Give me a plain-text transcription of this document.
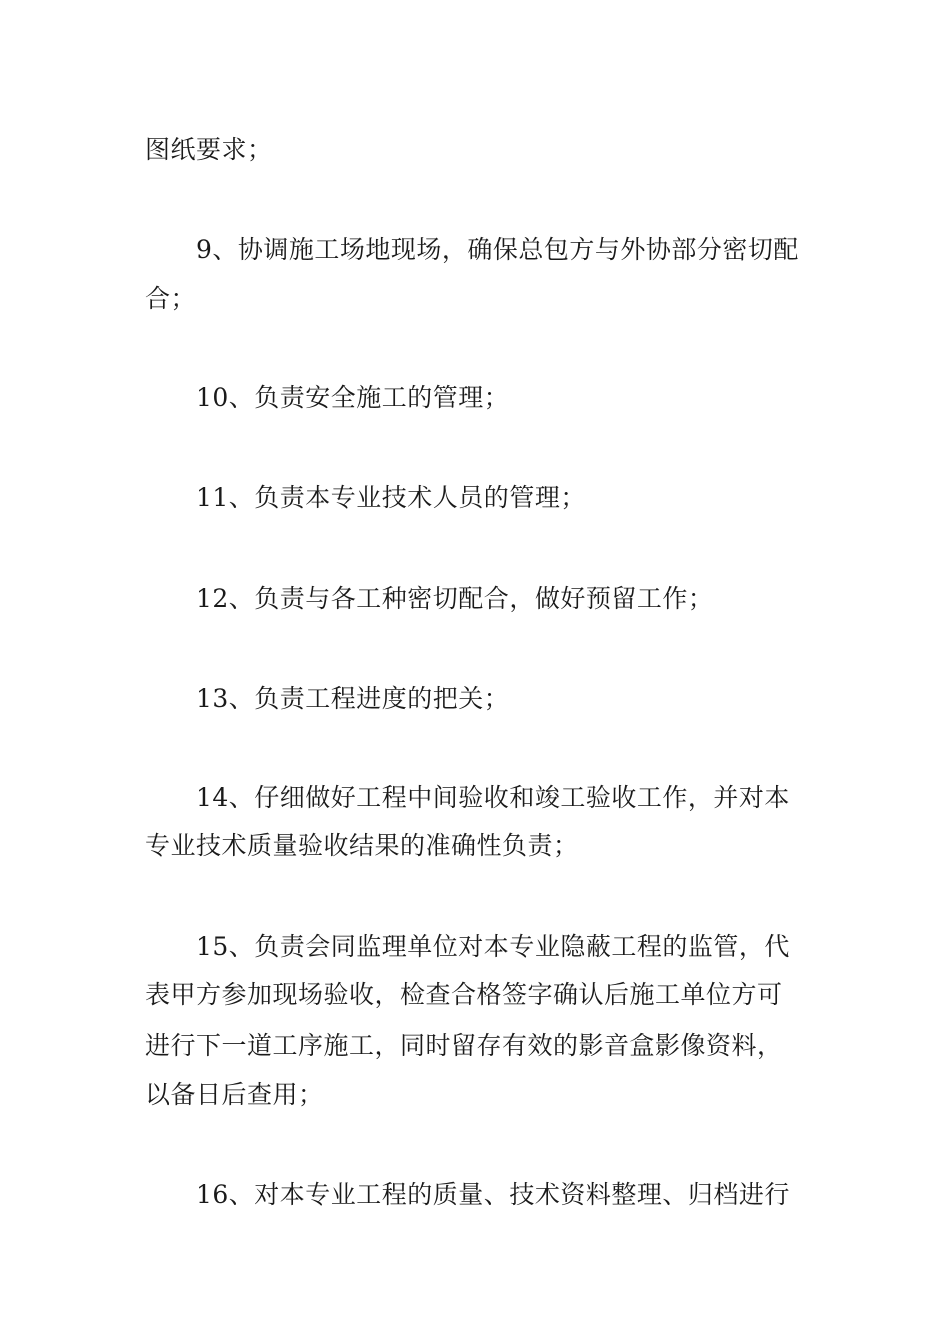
图纸要求；
9、协调施工场地现场，确保总包方与外协部分密切配
合；
10、负责安全施工的管理；
11、负责本专业技术人员的管理；
12、负责与各工种密切配合，做好预留工作；
13、负责工程进度的把关；
14、仔细做好工程中间验收和竣工验收工作，并对本
专业技术质量验收结果的准确性负责；
15、负责会同监理单位对本专业隐蔽工程的监管，代
表甲方参加现场验收，检查合格签字确认后施工单位方可
进行下一道工序施工，同时留存有效的影音盒影像资料，
以备日后查用；
16、对本专业工程的质量、技术资料整理、归档进行
